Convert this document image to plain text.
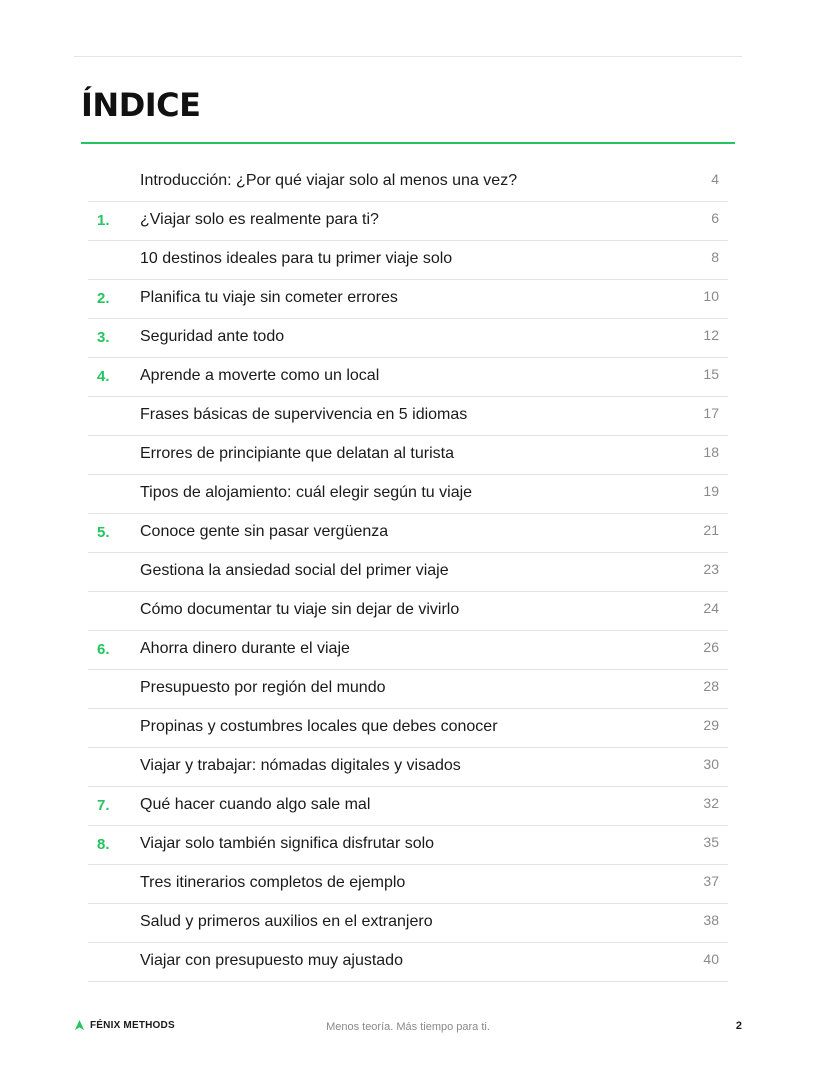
ÍNDICE
Introducción: ¿Por qué viajar solo al menos una vez?	4
1.	¿Viajar solo es realmente para ti?	6
10 destinos ideales para tu primer viaje solo	8
2.	Planifica tu viaje sin cometer errores	10
3.	Seguridad ante todo	12
4.	Aprende a moverte como un local	15
Frases básicas de supervivencia en 5 idiomas	17
Errores de principiante que delatan al turista	18
Tipos de alojamiento: cuál elegir según tu viaje	19
5.	Conoce gente sin pasar vergüenza	21
Gestiona la ansiedad social del primer viaje	23
Cómo documentar tu viaje sin dejar de vivirlo	24
6.	Ahorra dinero durante el viaje	26
Presupuesto por región del mundo	28
Propinas y costumbres locales que debes conocer	29
Viajar y trabajar: nómadas digitales y visados	30
7.	Qué hacer cuando algo sale mal	32
8.	Viajar solo también significa disfrutar solo	35
Tres itinerarios completos de ejemplo	37
Salud y primeros auxilios en el extranjero	38
Viajar con presupuesto muy ajustado	40
FÉNIX METHODS	Menos teoría. Más tiempo para ti.	2
